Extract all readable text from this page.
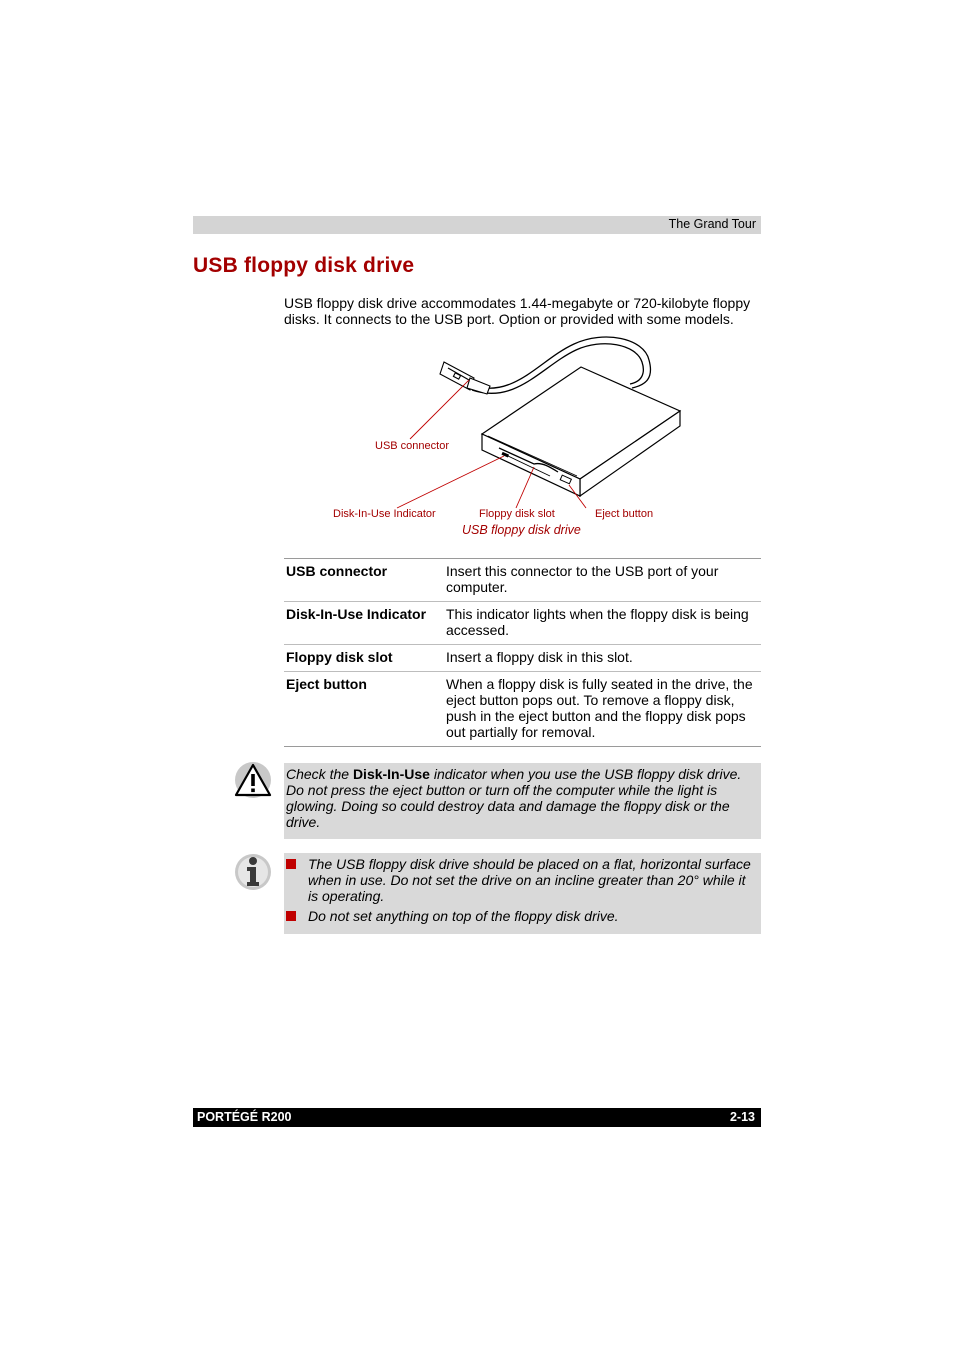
The Grand Tour
USB floppy disk drive

USB floppy disk drive accommodates 1.44-megabyte or 720-kilobyte floppy disks. It connects to the USB port. Option or provided with some models.

USB connector
Disk-In-Use Indicator	Floppy disk slot	Eject button
USB floppy disk drive
USB connector	Insert this connector to the USB port of your computer.
Disk-In-Use Indicator	This indicator lights when the floppy disk is being accessed.
Floppy disk slot	Insert a floppy disk in this slot.
Eject button	When a floppy disk is fully seated in the drive, the eject button pops out. To remove a floppy disk, push in the eject button and the floppy disk pops out partially for removal.
Check the Disk-In-Use indicator when you use the USB floppy disk drive. Do not press the eject button or turn off the computer while the light is glowing. Doing so could destroy data and damage the floppy disk or the drive.
The USB floppy disk drive should be placed on a flat, horizontal surface when in use. Do not set the drive on an incline greater than 20° while it is operating.
Do not set anything on top of the floppy disk drive.
PORTÉGÉ R200	2-13
